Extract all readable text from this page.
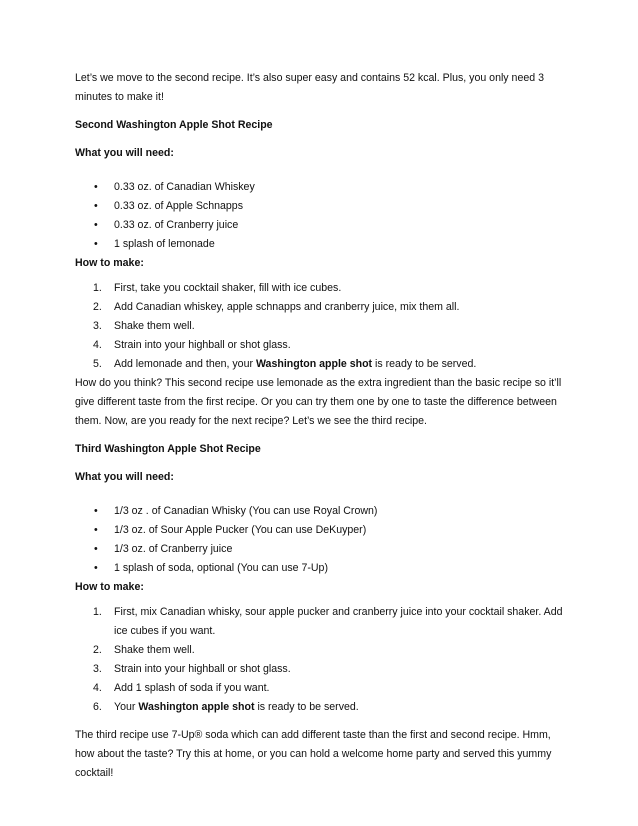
Let’s we move to the second recipe. It’s also super easy and contains 52 kcal. Plus, you only need 3 minutes to make it!

Second Washington Apple Shot Recipe

What you will need:

• 0.33 oz. of Canadian Whiskey
• 0.33 oz. of Apple Schnapps
• 0.33 oz. of Cranberry juice
• 1 splash of lemonade

How to make:

1. First, take you cocktail shaker, fill with ice cubes.
2. Add Canadian whiskey, apple schnapps and cranberry juice, mix them all.
3. Shake them well.
4. Strain into your highball or shot glass.
5. Add lemonade and then, your Washington apple shot is ready to be served.

How do you think? This second recipe use lemonade as the extra ingredient than the basic recipe so it’ll give different taste from the first recipe. Or you can try them one by one to taste the difference between them. Now, are you ready for the next recipe? Let’s we see the third recipe.

Third Washington Apple Shot Recipe

What you will need:

• 1/3 oz . of Canadian Whisky (You can use Royal Crown)
• 1/3 oz. of Sour Apple Pucker (You can use DeKuyper)
• 1/3 oz. of Cranberry juice
• 1 splash of soda, optional (You can use 7-Up)

How to make:

1. First, mix Canadian whisky, sour apple pucker and cranberry juice into your cocktail shaker. Add ice cubes if you want.
2. Shake them well.
3. Strain into your highball or shot glass.
4. Add 1 splash of soda if you want.
6. Your Washington apple shot is ready to be served.

The third recipe use 7-Up® soda which can add different taste than the first and second recipe. Hmm, how about the taste? Try this at home, or you can hold a welcome home party and served this yummy cocktail!
